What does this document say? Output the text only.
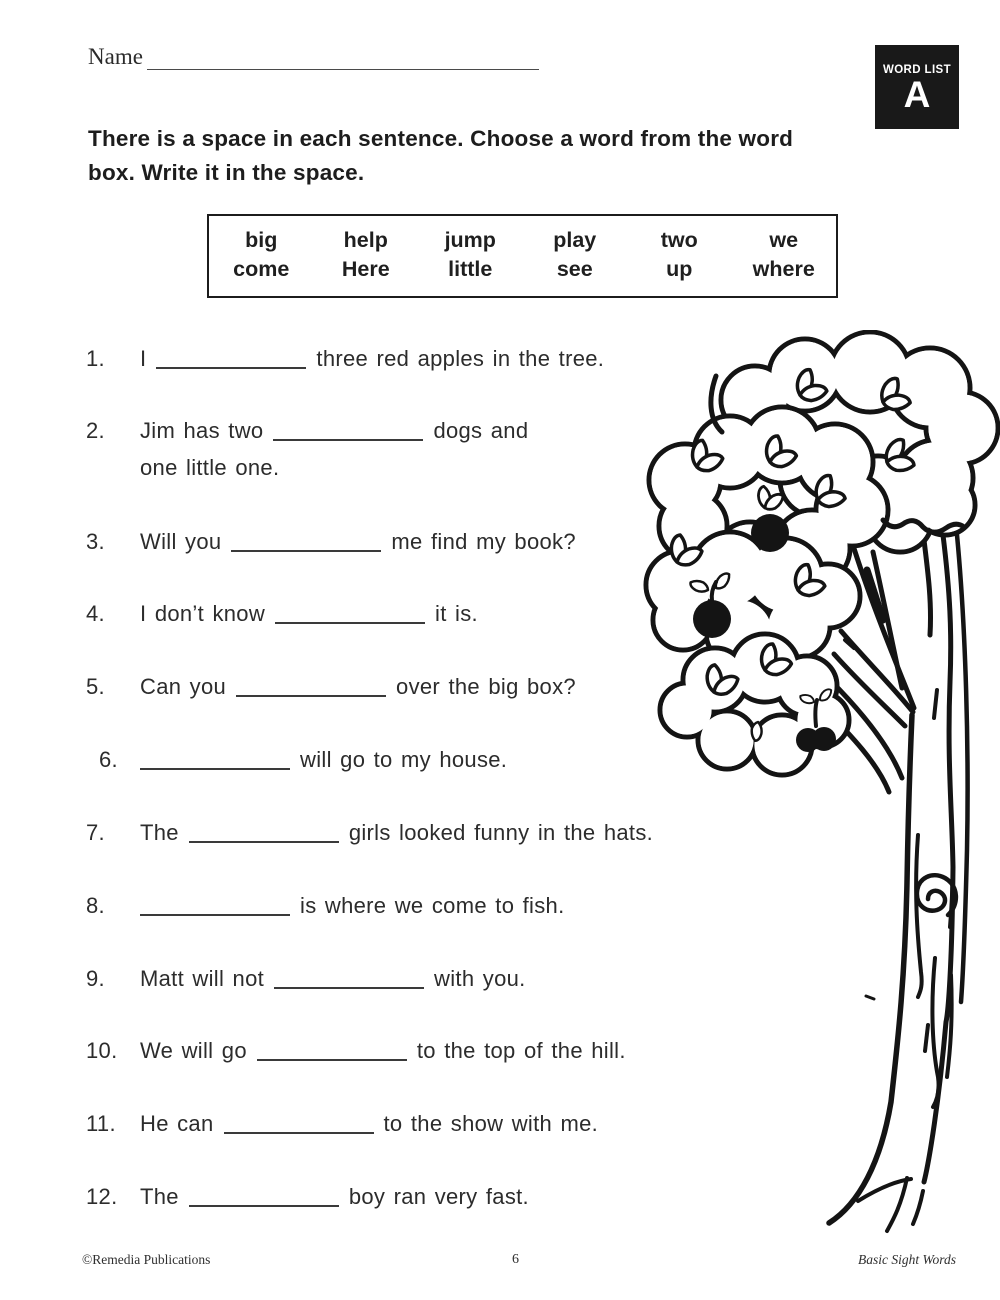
Name
WORD LIST
A
There is a space in each sentence. Choose a word from the word
box. Write it in the space.
big	help	jump	play	two	we
come	Here	little	see	up	where
1. I	three red apples in the tree.
2. Jim has two	dogs and
one little one.
3. Will you	me find my book?
4. I don’t know	it is.
5. Can you	over the big box?
6.	will go to my house.
7. The	girls looked funny in the hats.
8.	is where we come to fish.
9. Matt will not	with you.
10. We will go	to the top of the hill.
11. He can	to the show with me.
12. The	boy ran very fast.
©Remedia Publications	6	Basic Sight Words
